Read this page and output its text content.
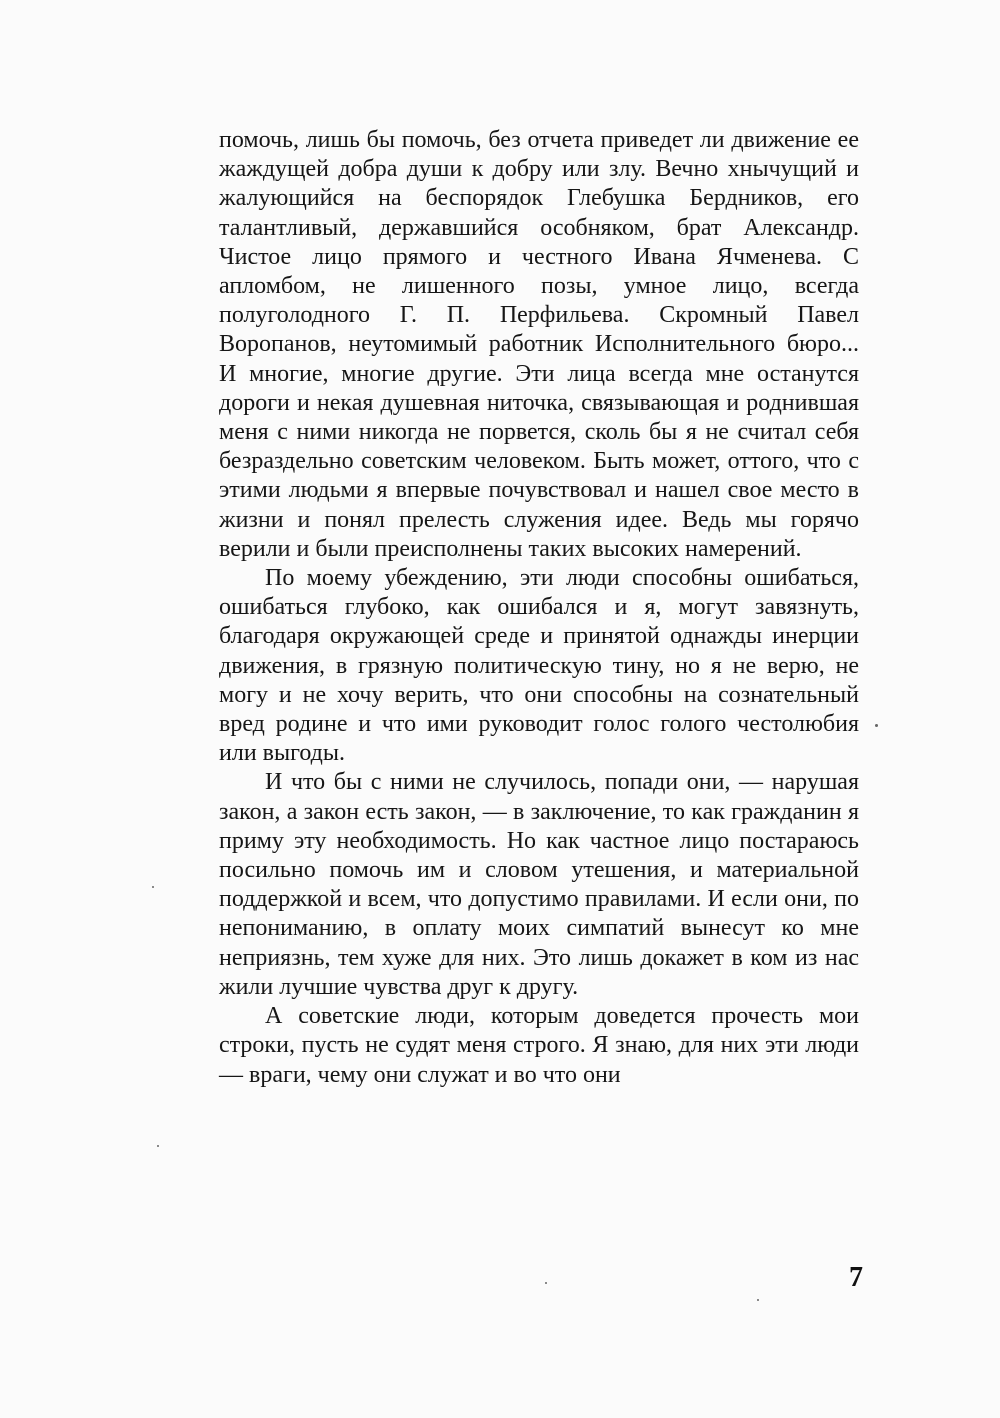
помочь, лишь бы помочь, без отчета приведет ли движение ее жаждущей добра души к добру или злу. Вечно хнычущий и жалующийся на беспорядок Глебушка Бердников, его талантливый, державшийся особняком, брат Александр. Чистое лицо прямого и честного Ивана Ячменева. С апломбом, не лишенного позы, умное лицо, всегда полуголодного Г. П. Перфильева. Скромный Павел Воропанов, неутомимый работник Исполнительного бюро... И многие, многие другие. Эти лица всегда мне останутся дороги и некая душевная ниточка, связывающая и роднившая меня с ними никогда не порвется, сколь бы я не считал себя безраздельно советским человеком. Быть может, оттого, что с этими людьми я впервые почувствовал и нашел свое место в жизни и понял прелесть служения идее. Ведь мы горячо верили и были преисполнены таких высоких намерений.

По моему убеждению, эти люди способны ошибаться, ошибаться глубоко, как ошибался и я, могут завязнуть, благодаря окружающей среде и принятой однажды инерции движения, в грязную политическую тину, но я не верю, не могу и не хочу верить, что они способны на сознательный вред родине и что ими руководит голос голого честолюбия или выгоды.

И что бы с ними не случилось, попади они, — нарушая закон, а закон есть закон, — в заключение, то как гражданин я приму эту необходимость. Но как частное лицо постараюсь посильно помочь им и словом утешения, и материальной поддержкой и всем, что допустимо правилами. И если они, по непониманию, в оплату моих симпатий вынесут ко мне неприязнь, тем хуже для них. Это лишь докажет в ком из нас жили лучшие чувства друг к другу.

А советские люди, которым доведется прочесть мои строки, пусть не судят меня строго. Я знаю, для них эти люди — враги, чему они служат и во что они

7
